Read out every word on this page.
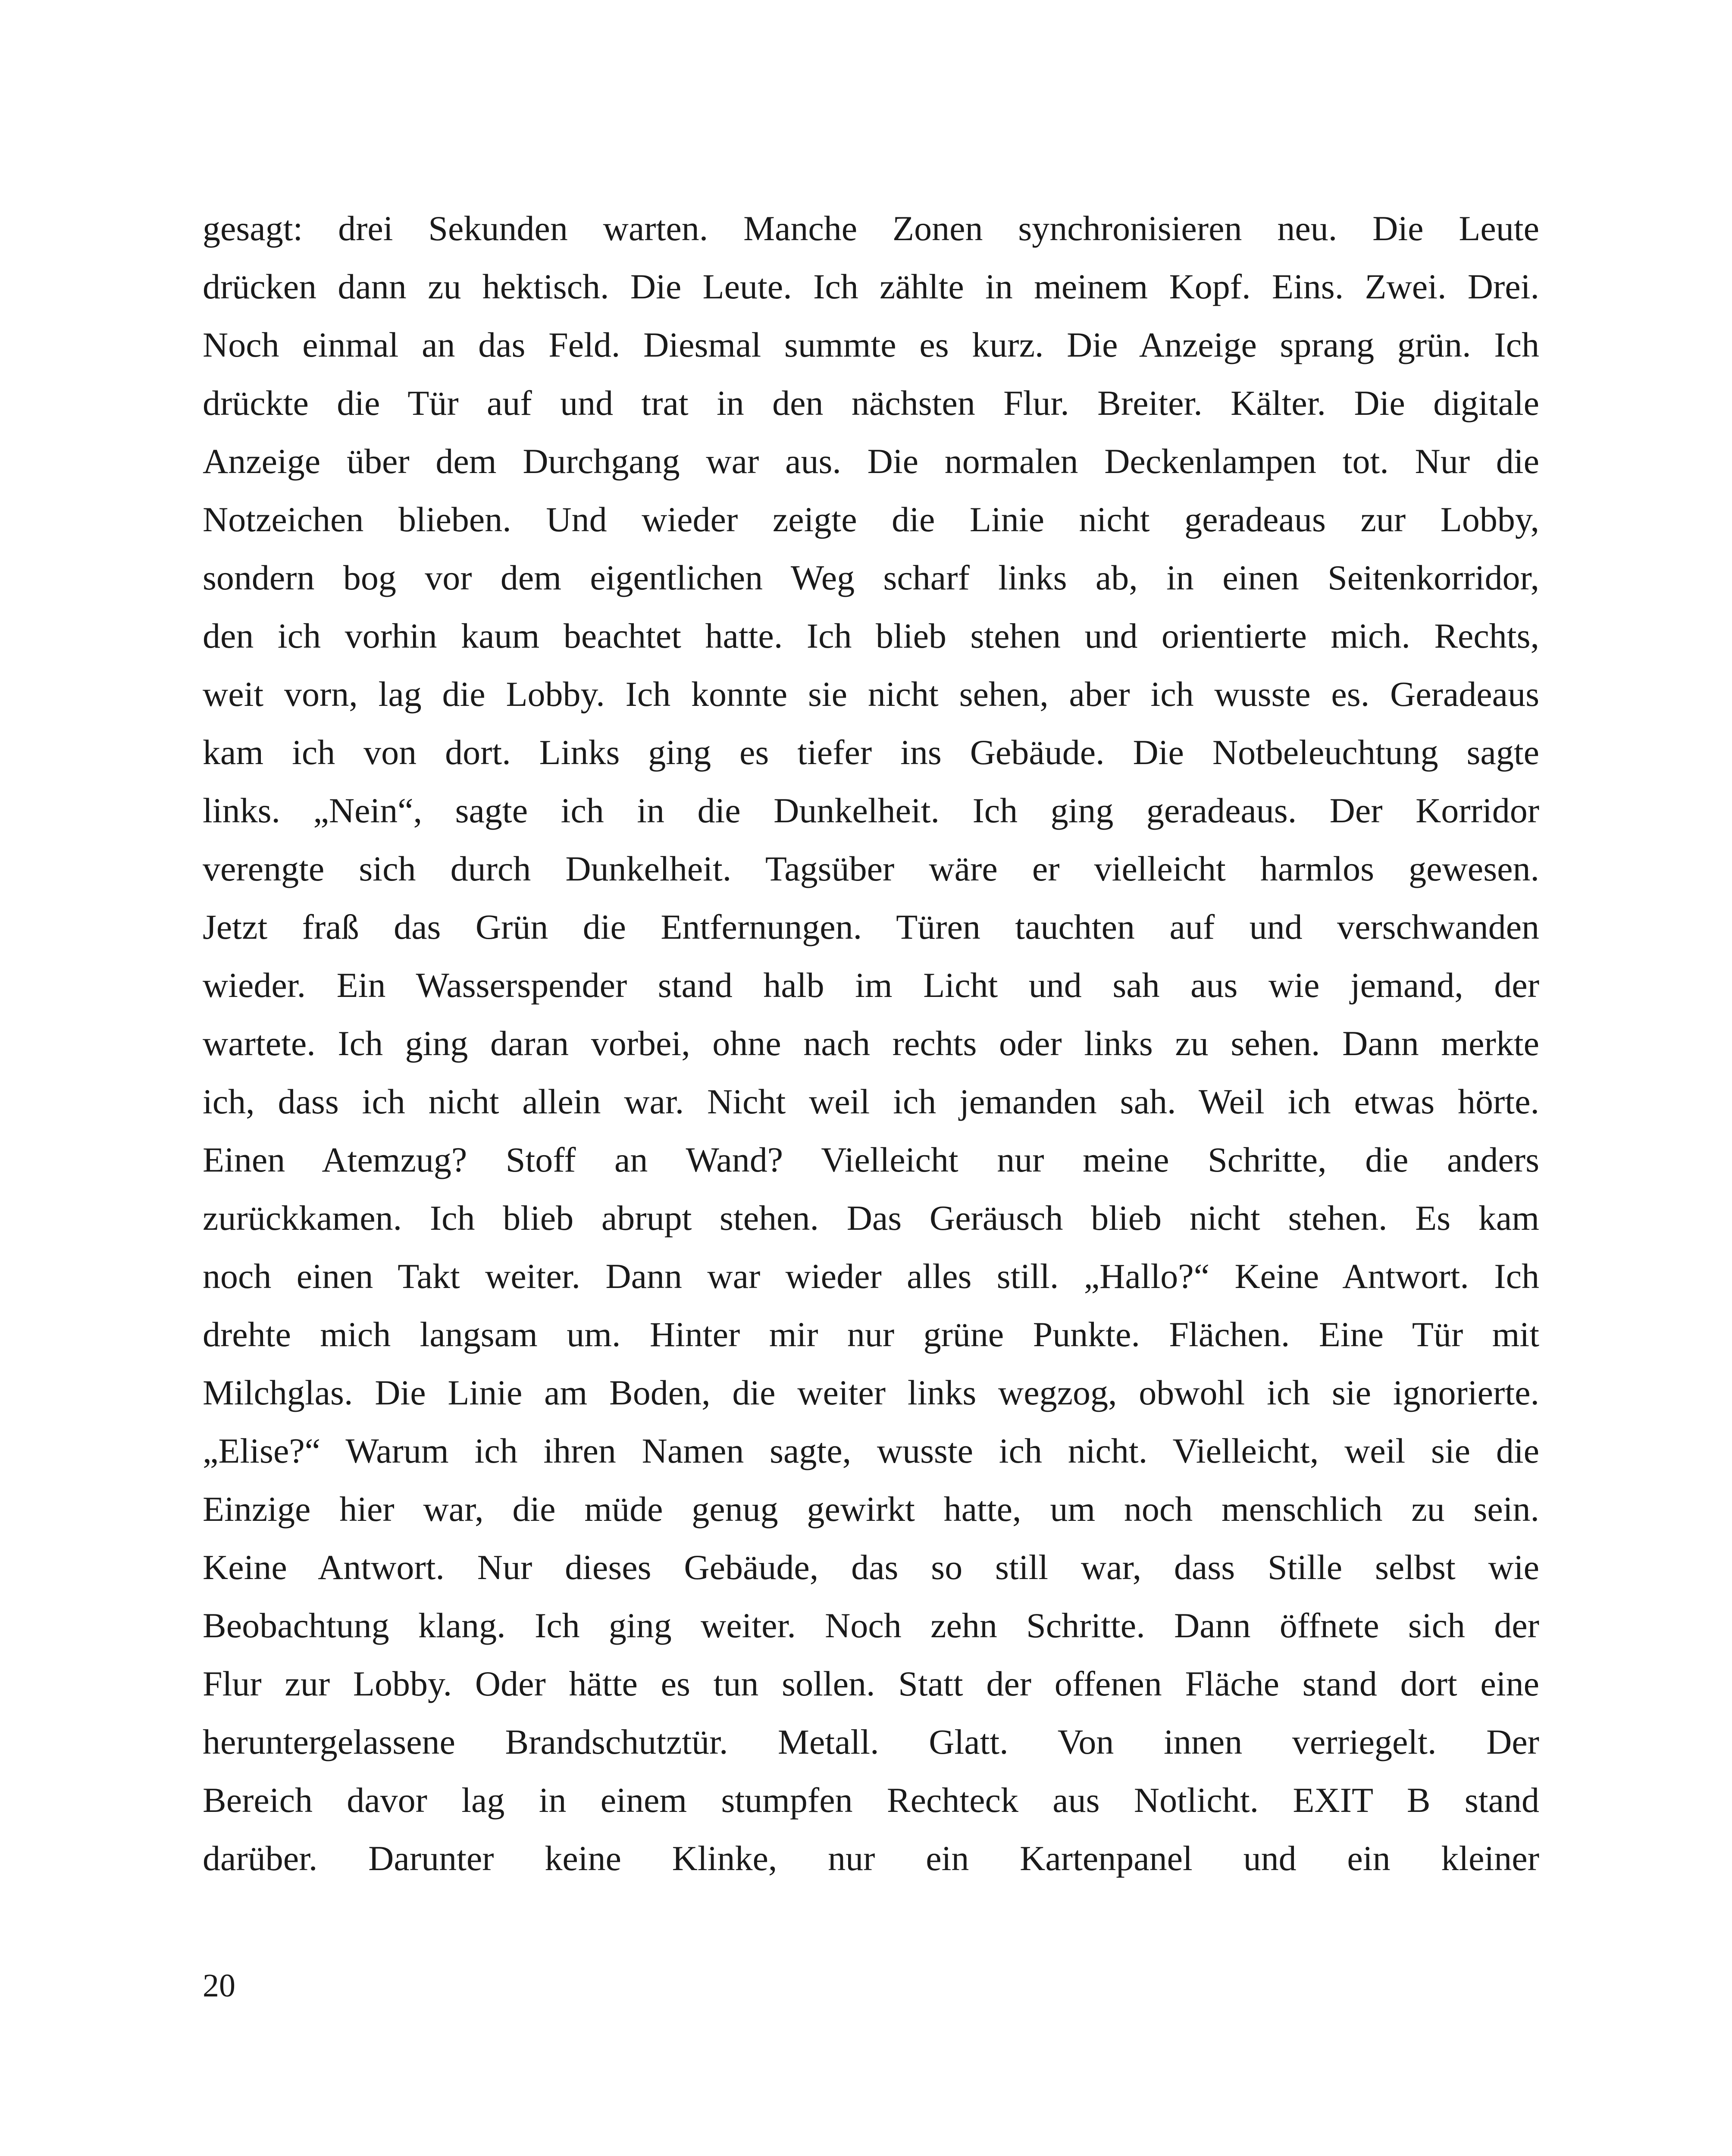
gesagt: drei Sekunden warten. Manche Zonen synchronisieren neu. Die Leute
drücken dann zu hektisch. Die Leute. Ich zählte in meinem Kopf. Eins. Zwei. Drei.
Noch einmal an das Feld. Diesmal summte es kurz. Die Anzeige sprang grün. Ich
drückte die Tür auf und trat in den nächsten Flur. Breiter. Kälter. Die digitale
Anzeige über dem Durchgang war aus. Die normalen Deckenlampen tot. Nur die
Notzeichen blieben. Und wieder zeigte die Linie nicht geradeaus zur Lobby,
sondern bog vor dem eigentlichen Weg scharf links ab, in einen Seitenkorridor,
den ich vorhin kaum beachtet hatte. Ich blieb stehen und orientierte mich. Rechts,
weit vorn, lag die Lobby. Ich konnte sie nicht sehen, aber ich wusste es. Geradeaus
kam ich von dort. Links ging es tiefer ins Gebäude. Die Notbeleuchtung sagte
links. „Nein“, sagte ich in die Dunkelheit. Ich ging geradeaus. Der Korridor
verengte sich durch Dunkelheit. Tagsüber wäre er vielleicht harmlos gewesen.
Jetzt fraß das Grün die Entfernungen. Türen tauchten auf und verschwanden
wieder. Ein Wasserspender stand halb im Licht und sah aus wie jemand, der
wartete. Ich ging daran vorbei, ohne nach rechts oder links zu sehen. Dann merkte
ich, dass ich nicht allein war. Nicht weil ich jemanden sah. Weil ich etwas hörte.
Einen Atemzug? Stoff an Wand? Vielleicht nur meine Schritte, die anders
zurückkamen. Ich blieb abrupt stehen. Das Geräusch blieb nicht stehen. Es kam
noch einen Takt weiter. Dann war wieder alles still. „Hallo?“ Keine Antwort. Ich
drehte mich langsam um. Hinter mir nur grüne Punkte. Flächen. Eine Tür mit
Milchglas. Die Linie am Boden, die weiter links wegzog, obwohl ich sie ignorierte.
„Elise?“ Warum ich ihren Namen sagte, wusste ich nicht. Vielleicht, weil sie die
Einzige hier war, die müde genug gewirkt hatte, um noch menschlich zu sein.
Keine Antwort. Nur dieses Gebäude, das so still war, dass Stille selbst wie
Beobachtung klang. Ich ging weiter. Noch zehn Schritte. Dann öffnete sich der
Flur zur Lobby. Oder hätte es tun sollen. Statt der offenen Fläche stand dort eine
heruntergelassene Brandschutztür. Metall. Glatt. Von innen verriegelt. Der
Bereich davor lag in einem stumpfen Rechteck aus Notlicht. EXIT B stand
darüber. Darunter keine Klinke, nur ein Kartenpanel und ein kleiner

20
